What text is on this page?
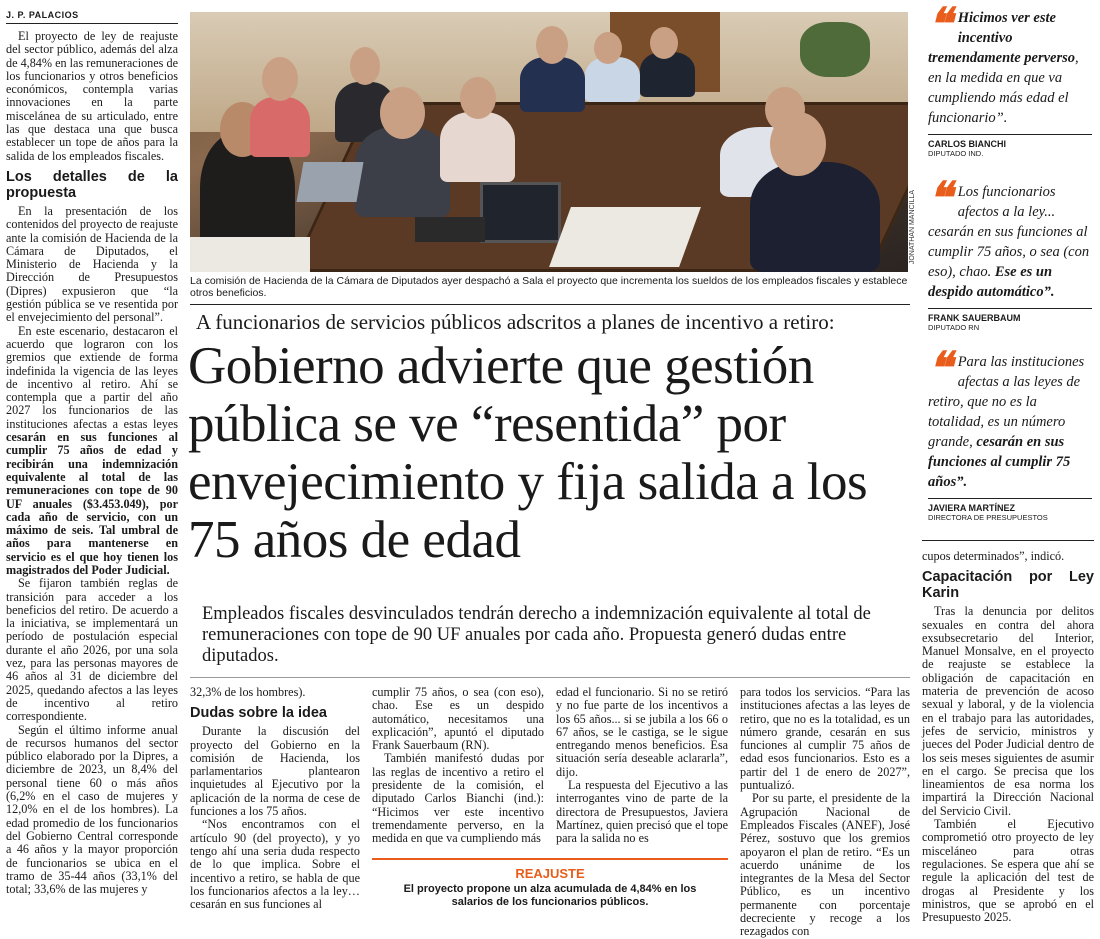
J. P. PALACIOS

El proyecto de ley de reajuste del sector público, además del alza de 4,84% en las remuneraciones de los funcionarios y otros beneficios económicos, contempla varias innovaciones en la parte miscelánea de su articulado, entre las que destaca una que busca establecer un tope de años para la salida de los empleados fiscales.

Los detalles de la propuesta

En la presentación de los contenidos del proyecto de reajuste ante la comisión de Hacienda de la Cámara de Diputados, el Ministerio de Hacienda y la Dirección de Presupuestos (Dipres) expusieron que “la gestión pública se ve resentida por el envejecimiento del personal”.

En este escenario, destacaron el acuerdo que lograron con los gremios que extiende de forma indefinida la vigencia de las leyes de incentivo al retiro. Ahí se contempla que a partir del año 2027 los funcionarios de las instituciones afectas a estas leyes cesarán en sus funciones al cumplir 75 años de edad y recibirán una indemnización equivalente al total de las remuneraciones con tope de 90 UF anuales ($3.453.049), por cada año de servicio, con un máximo de seis. Tal umbral de años para mantenerse en servicio es el que hoy tienen los magistrados del Poder Judicial.

Se fijaron también reglas de transición para acceder a los beneficios del retiro. De acuerdo a la iniciativa, se implementará un período de postulación especial durante el año 2026, por una sola vez, para las personas mayores de 46 años al 31 de diciembre del 2025, quedando afectos a las leyes de incentivo al retiro correspondiente.

Según el último informe anual de recursos humanos del sector público elaborado por la Dipres, a diciembre de 2023, un 8,4% del personal tiene 60 o más años (6,2% en el caso de mujeres y 12,0% en el de los hombres). La edad promedio de los funcionarios del Gobierno Central corresponde a 46 años y la mayor proporción de funcionarios se ubica en el tramo de 35-44 años (33,1% del total; 33,6% de las mujeres y

JONATHAN MANCILLA
La comisión de Hacienda de la Cámara de Diputados ayer despachó a Sala el proyecto que incrementa los sueldos de los empleados fiscales y establece otros beneficios.
A funcionarios de servicios públicos adscritos a planes de incentivo a retiro:
Gobierno advierte que gestión pública se ve “resentida” por envejecimiento y fija salida a los 75 años de edad
Empleados fiscales desvinculados tendrán derecho a indemnización equivalente al total de remuneraciones con tope de 90 UF anuales por cada año. Propuesta generó dudas entre diputados.

32,3% de los hombres).

Dudas sobre la idea

Durante la discusión del proyecto del Gobierno en la comisión de Hacienda, los parlamentarios plantearon inquietudes al Ejecutivo por la aplicación de la norma de cese de funciones a los 75 años.

“Nos encontramos con el artículo 90 (del proyecto), y yo tengo ahí una seria duda respecto de lo que implica. Sobre el incentivo a retiro, se habla de que los funcionarios afectos a la ley… cesarán en sus funciones al

cumplir 75 años, o sea (con eso), chao. Ese es un despido automático, necesitamos una explicación”, apuntó el diputado Frank Sauerbaum (RN).

También manifestó dudas por las reglas de incentivo a retiro el presidente de la comisión, el diputado Carlos Bianchi (ind.): “Hicimos ver este incentivo tremendamente perverso, en la medida en que va cumpliendo más

edad el funcionario. Si no se retiró y no fue parte de los incentivos a los 65 años... si se jubila a los 66 o 67 años, se le castiga, se le sigue entregando menos beneficios. Esa situación sería deseable aclararla”, dijo.

La respuesta del Ejecutivo a las interrogantes vino de parte de la directora de Presupuestos, Javiera Martínez, quien precisó que el tope para la salida no es

para todos los servicios. “Para las instituciones afectas a las leyes de retiro, que no es la totalidad, es un número grande, cesarán en sus funciones al cumplir 75 años de edad esos funcionarios. Esto es a partir del 1 de enero de 2027”, puntualizó.

Por su parte, el presidente de la Agrupación Nacional de Empleados Fiscales (ANEF), José Pérez, sostuvo que los gremios apoyaron el plan de retiro. “Es un acuerdo unánime de los integrantes de la Mesa del Sector Público, es un incentivo permanente con porcentaje decreciente y recoge a los rezagados con

REAJUSTE
El proyecto propone un alza acumulada de 4,84% en los salarios de los funcionarios públicos.
❝ Hicimos ver este incentivo tremendamente perverso, en la medida en que va cumpliendo más edad el funcionario”.
CARLOS BIANCHI
DIPUTADO IND.
❝ Los funcionarios afectos a la ley... cesarán en sus funciones al cumplir 75 años, o sea (con eso), chao. Ese es un despido automático”.
FRANK SAUERBAUM
DIPUTADO RN
❝ Para las instituciones afectas a las leyes de retiro, que no es la totalidad, es un número grande, cesarán en sus funciones al cumplir 75 años”.
JAVIERA MARTÍNEZ
DIRECTORA DE PRESUPUESTOS

cupos determinados”, indicó.

Capacitación por Ley Karin

Tras la denuncia por delitos sexuales en contra del ahora exsubsecretario del Interior, Manuel Monsalve, en el proyecto de reajuste se establece la obligación de capacitación en materia de prevención de acoso sexual y laboral, y de la violencia en el trabajo para las autoridades, jefes de servicio, ministros y jueces del Poder Judicial dentro de los seis meses siguientes de asumir en el cargo. Se precisa que los lineamientos de esa norma los impartirá la Dirección Nacional del Servicio Civil.

También el Ejecutivo comprometió otro proyecto de ley misceláneo para otras regulaciones. Se espera que ahí se regule la aplicación del test de drogas al Presidente y los ministros, que se aprobó en el Presupuesto 2025.
